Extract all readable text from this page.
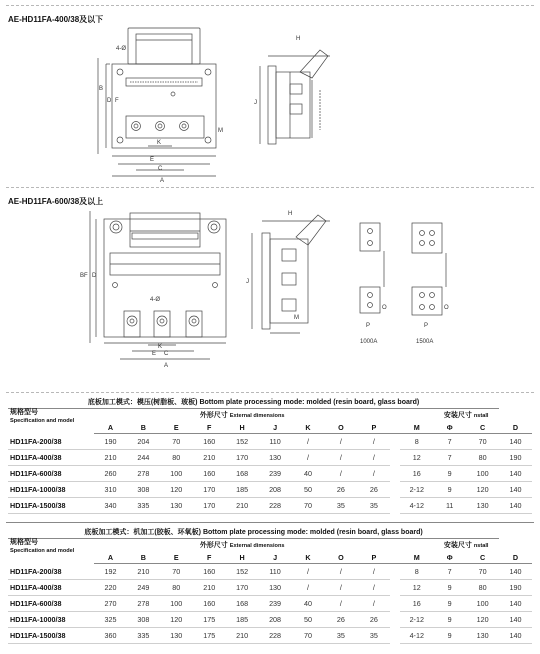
AE-HD11FA-400/38及以下
4-Ø
H
B
D F	J
M
K
E
C
A
AE-HD11FA-600/38及以上
H
F D
B
4-Ø
J
K
E C
A
M
P
O
P
O
1000A	1500A
底板加工模式：模压(树脂板、玻板) Bottom plate processing mode: molded (resin board, glass board)														
规格型号
Specification and model	外形尺寸 External dimensions										安装尺寸 nstall			
	A	B	E	F	H	J	K	O	P		M	Φ	C	D
HD11FA-200/38	190	204	70	160	152	110	/	/	/		8	7	70	140
HD11FA-400/38	210	244	80	210	170	130	/	/	/		12	7	80	190
HD11FA-600/38	260	278	100	160	168	239	40	/	/		16	9	100	140
HD11FA-1000/38	310	308	120	170	185	208	50	26	26		2-12	9	120	140
HD11FA-1500/38	340	335	130	170	210	228	70	35	35		4-12	11	130	140
底板加工模式：机加工(胶板、环氧板) Bottom plate processing mode: molded (resin board, glass board)														
规格型号
Specification and model	外形尺寸 External dimensions										安装尺寸 nstall			
	A	B	E	F	H	J	K	O	P		M	Φ	C	D
HD11FA-200/38	192	210	70	160	152	110	/	/	/		8	7	70	140
HD11FA-400/38	220	249	80	210	170	130	/	/	/		12	9	80	190
HD11FA-600/38	270	278	100	160	168	239	40	/	/		16	9	100	140
HD11FA-1000/38	325	308	120	175	185	208	50	26	26		2-12	9	120	140
HD11FA-1500/38	360	335	130	175	210	228	70	35	35		4-12	9	130	140
